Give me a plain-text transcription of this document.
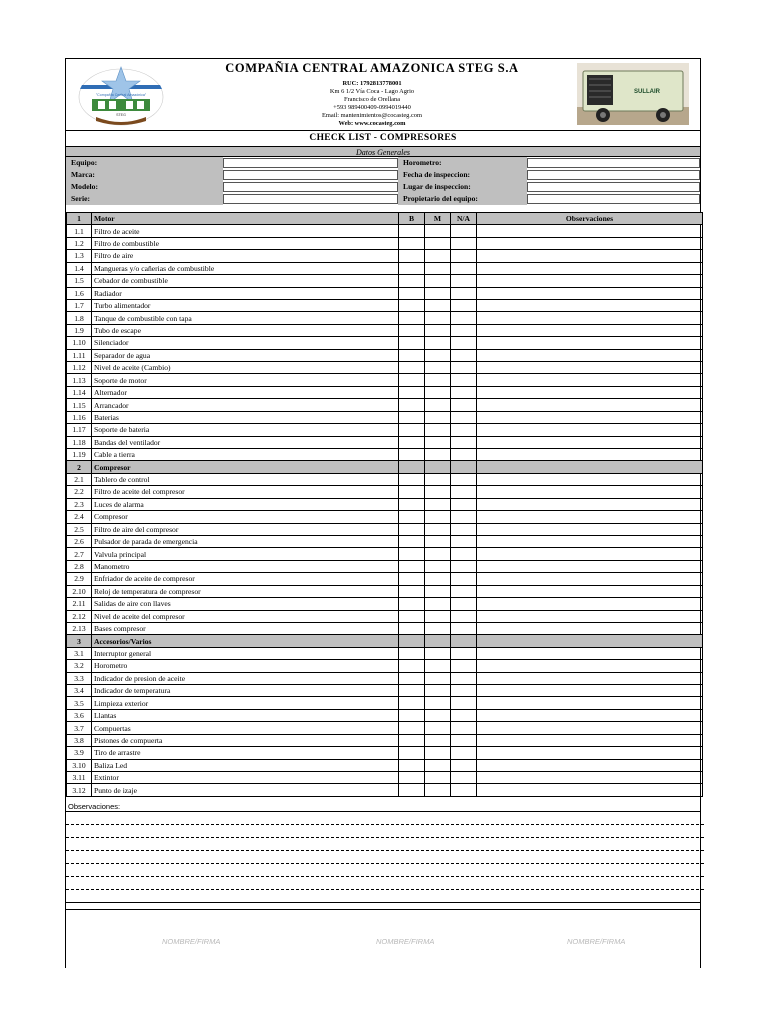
"Compañía Central Amazónica"
STEG
COMPAÑIA CENTRAL AMAZONICA STEG S.A
RUC: 1792813778001
Km 6 1/2 Vía Coca - Lago Agrio
Francisco de Orellana
+593 989400409-0994019440
Email: mantenimientos@cocasteg.com
Web: www.cocasteg.com
SULLAIR
CHECK LIST - COMPRESORES
Datos Generales
Equipo:	Horometro:
Marca:	Fecha de inspeccion:
Modelo:	Lugar de inspeccion:
Serie:	Propietario del equipo:
1	Motor	B	M	N/A	Observaciones
1.1	Filtro de aceite				
1.2	Filtro de combustible				
1.3	Filtro de aire				
1.4	Mangueras y/o cañerias de combustible				
1.5	Cebador de combustible				
1.6	Radiador				
1.7	Turbo alimentador				
1.8	Tanque de combustible con tapa				
1.9	Tubo de escape				
1.10	Silenciador				
1.11	Separador de agua				
1.12	Nivel de aceite (Cambio)				
1.13	Soporte de motor				
1.14	Alternador				
1.15	Arrancador				
1.16	Baterias				
1.17	Soporte de bateria				
1.18	Bandas del ventilador				
1.19	Cable a tierra				
2	Compresor				
2.1	Tablero de control				
2.2	Filtro de aceite del compresor				
2.3	Luces de alarma				
2.4	Compresor				
2.5	Filtro de aire del compresor				
2.6	Pulsador de parada de emergencia				
2.7	Valvula principal				
2.8	Manometro				
2.9	Enfriador de aceite de compresor				
2.10	Reloj de temperatura de compresor				
2.11	Salidas de aire con llaves				
2.12	Nivel de aceite del compresor				
2.13	Bases compresor				
3	Accesorios/Varios				
3.1	Interruptor general				
3.2	Horometro				
3.3	Indicador de presion de aceite				
3.4	Indicador de temperatura				
3.5	Limpieza exterior				
3.6	Llantas				
3.7	Compuertas				
3.8	Pistones de compuerta				
3.9	Tiro de arrastre				
3.10	Baliza Led				
3.11	Extintor				
3.12	Punto de izaje				
Observaciones:
NOMBRE/FIRMA	NOMBRE/FIRMA	NOMBRE/FIRMA
